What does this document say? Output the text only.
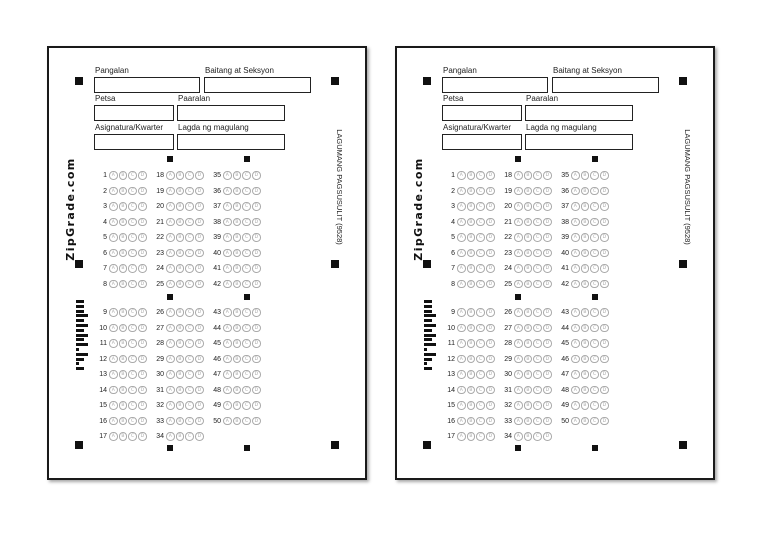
Pangalan	Baitang at Seksyon
Petsa	Paaralan
Asignatura/Kwarter Lagda ng magulang
ZipGrade.com	LAGUMANG PAGSUSULIT (9528)
1	A	B	C	D	18	A	B	C	D	35	A	B	C	D
2	A	B	C	D	19	A	B	C	D	36	A	B	C	D
3	A	B	C	D	20	A	B	C	D	37	A	B	C	D
4	A	B	C	D	21	A	B	C	D	38	A	B	C	D
5	A	B	C	D	22	A	B	C	D	39	A	B	C	D
6	A	B	C	D	23	A	B	C	D	40	A	B	C	D
7	A	B	C	D	24	A	B	C	D	41	A	B	C	D
8	A	B	C	D	25	A	B	C	D	42	A	B	C	D
9	A	B	C	D	26	A	B	C	D	43	A	B	C	D
10	A	B	C	D	27	A	B	C	D	44	A	B	C	D
11	A	B	C	D	28	A	B	C	D	45	A	B	C	D
12	A	B	C	D	29	A	B	C	D	46	A	B	C	D
13	A	B	C	D	30	A	B	C	D	47	A	B	C	D
14	A	B	C	D	31	A	B	C	D	48	A	B	C	D
15	A	B	C	D	32	A	B	C	D	49	A	B	C	D
16	A	B	C	D	33	A	B	C	D	50	A	B	C	D
17	A	B	C	D	34	A	B	C	D
Pangalan	Baitang at Seksyon
Petsa	Paaralan
Asignatura/Kwarter Lagda ng magulang
ZipGrade.com	LAGUMANG PAGSUSULIT (9528)
1	A	B	C	D	18	A	B	C	D	35	A	B	C	D
2	A	B	C	D	19	A	B	C	D	36	A	B	C	D
3	A	B	C	D	20	A	B	C	D	37	A	B	C	D
4	A	B	C	D	21	A	B	C	D	38	A	B	C	D
5	A	B	C	D	22	A	B	C	D	39	A	B	C	D
6	A	B	C	D	23	A	B	C	D	40	A	B	C	D
7	A	B	C	D	24	A	B	C	D	41	A	B	C	D
8	A	B	C	D	25	A	B	C	D	42	A	B	C	D
9	A	B	C	D	26	A	B	C	D	43	A	B	C	D
10	A	B	C	D	27	A	B	C	D	44	A	B	C	D
11	A	B	C	D	28	A	B	C	D	45	A	B	C	D
12	A	B	C	D	29	A	B	C	D	46	A	B	C	D
13	A	B	C	D	30	A	B	C	D	47	A	B	C	D
14	A	B	C	D	31	A	B	C	D	48	A	B	C	D
15	A	B	C	D	32	A	B	C	D	49	A	B	C	D
16	A	B	C	D	33	A	B	C	D	50	A	B	C	D
17	A	B	C	D	34	A	B	C	D
